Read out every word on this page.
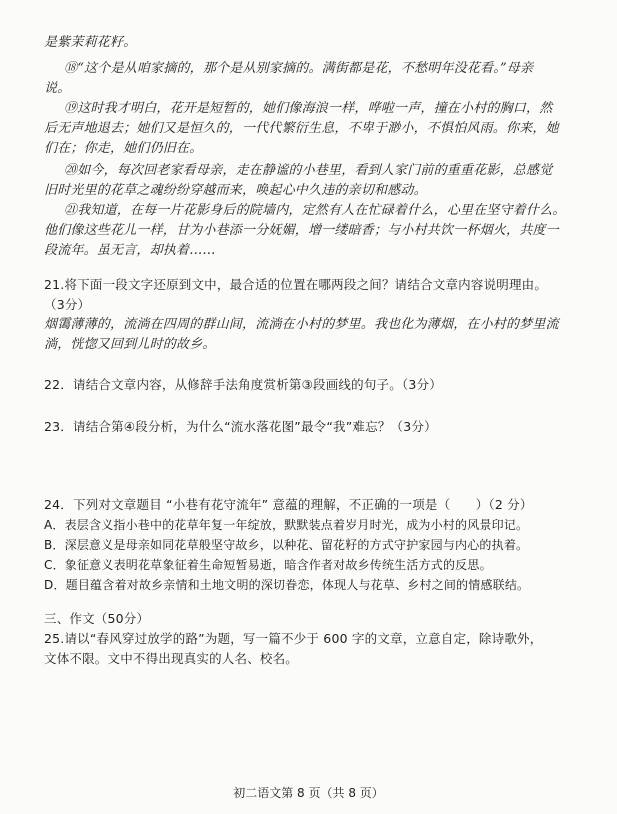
是紫茉莉花籽。
⑱“这个是从咱家摘的，那个是从别家摘的。满街都是花，不愁明年没花看。”母亲
说。
⑲这时我才明白，花开是短暂的，她们像海浪一样，哗啦一声，撞在小村的胸口，然
后无声地退去；她们又是恒久的，一代代繁衍生息，不卑于渺小，不惧怕风雨。你来，她
们在；你走，她们仍旧在。
⑳如今，每次回老家看母亲，走在静谧的小巷里，看到人家门前的重重花影，总感觉
旧时光里的花草之魂纷纷穿越而来，唤起心中久违的亲切和感动。
㉑我知道，在每一片花影身后的院墙内，定然有人在忙碌着什么，心里在坚守着什么。
他们像这些花儿一样，甘为小巷添一分妩媚，增一缕暗香；与小村共饮一杯烟火，共度一
段流年。虽无言，却执着……
21.将下面一段文字还原到文中，最合适的位置在哪两段之间？请结合文章内容说明理由。
（3分）
烟霭薄薄的，流淌在四周的群山间，流淌在小村的梦里。我也化为薄烟，在小村的梦里流
淌，恍惚又回到儿时的故乡。
22．请结合文章内容，从修辞手法角度赏析第③段画线的句子。（3分）
23．请结合第④段分析，为什么“流水落花图”最令“我”难忘？（3分）
24．下列对文章题目 “小巷有花守流年” 意蕴的理解，不正确的一项是（　　）（2 分）
A．表层含义指小巷中的花草年复一年绽放，默默装点着岁月时光，成为小村的风景印记。
B．深层意义是母亲如同花草般坚守故乡，以种花、留花籽的方式守护家园与内心的执着。
C．象征意义表明花草象征着生命短暂易逝，暗含作者对故乡传统生活方式的反思。
D．题目蕴含着对故乡亲情和土地文明的深切眷恋，体现人与花草、乡村之间的情感联结。
三、作文（50分）
25.请以“春风穿过放学的路”为题，写一篇不少于 600 字的文章，立意自定，除诗歌外，
文体不限。文中不得出现真实的人名、校名。
初二语文第 8 页（共 8 页）
